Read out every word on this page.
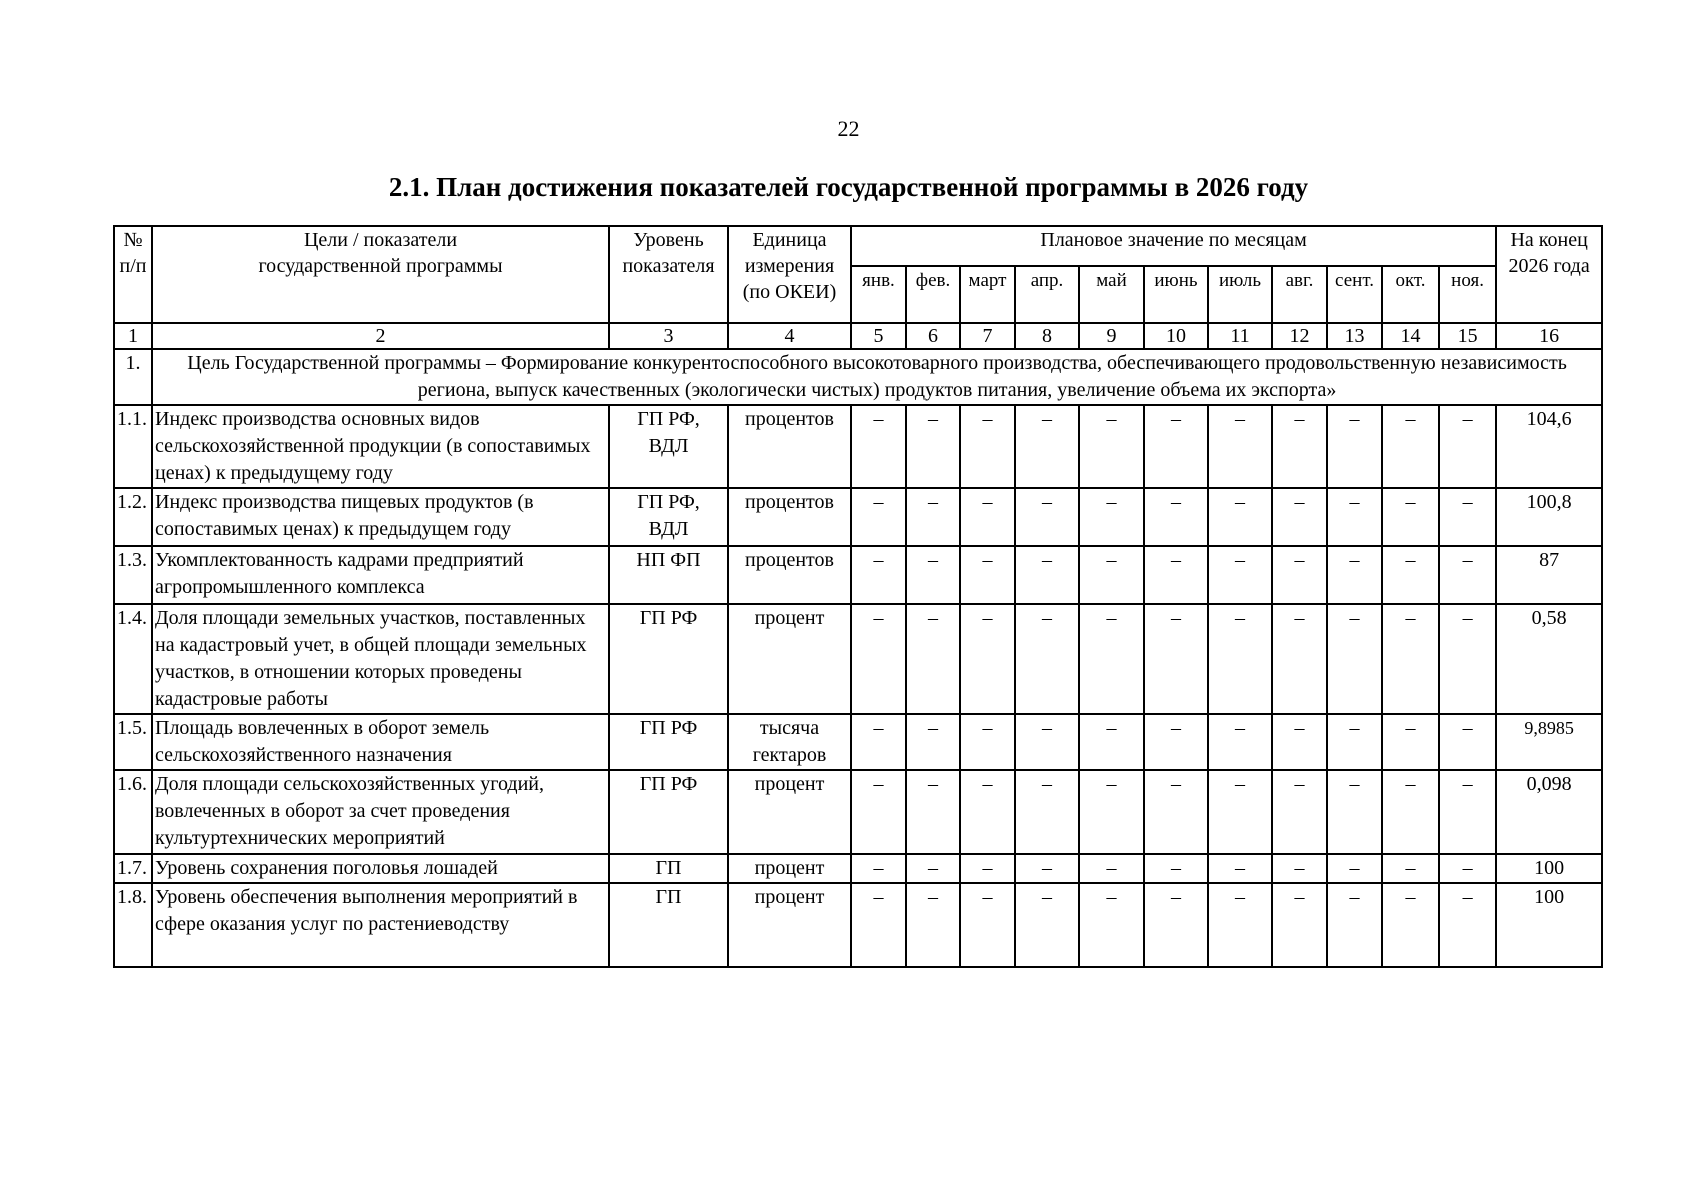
22
2.1. План достижения показателей государственной программы в 2026 году
№ п/п	Цели / показатели государственной программы	Уровень показателя	Единица измерения (по ОКЕИ)	Плановое значение по месяцам											На конец 2026 года
				янв.	фев.	март	апр.	май	июнь	июль	авг.	сент.	окт.	ноя.	
1	2	3	4	5	6	7	8	9	10	11	12	13	14	15	16
1.	Цель Государственной программы – Формирование конкурентоспособного высокотоварного производства, обеспечивающего продовольственную независимость региона, выпуск качественных (экологически чистых) продуктов питания, увеличение объема их экспорта»														
1.1.	Индекс производства основных видов сельскохозяйственной продукции (в сопоставимых ценах) к предыдущему году	ГП РФ, ВДЛ	процентов	–	–	–	–	–	–	–	–	–	–	–	104,6
1.2.	Индекс производства пищевых продуктов (в сопоставимых ценах) к предыдущем году	ГП РФ, ВДЛ	процентов	–	–	–	–	–	–	–	–	–	–	–	100,8
1.3.	Укомплектованность кадрами предприятий агропромышленного комплекса	НП ФП	процентов	–	–	–	–	–	–	–	–	–	–	–	87
1.4.	Доля площади земельных участков, поставленных на кадастровый учет, в общей площади земельных участков, в отношении которых проведены кадастровые работы	ГП РФ	процент	–	–	–	–	–	–	–	–	–	–	–	0,58
1.5.	Площадь вовлеченных в оборот земель сельскохозяйственного назначения	ГП РФ	тысяча гектаров	–	–	–	–	–	–	–	–	–	–	–	9,8985
1.6.	Доля площади сельскохозяйственных угодий, вовлеченных в оборот за счет проведения культуртехнических мероприятий	ГП РФ	процент	–	–	–	–	–	–	–	–	–	–	–	0,098
1.7.	Уровень сохранения поголовья лошадей	ГП	процент	–	–	–	–	–	–	–	–	–	–	–	100
1.8.	Уровень обеспечения выполнения мероприятий в сфере оказания услуг по растениеводству	ГП	процент	–	–	–	–	–	–	–	–	–	–	–	100
